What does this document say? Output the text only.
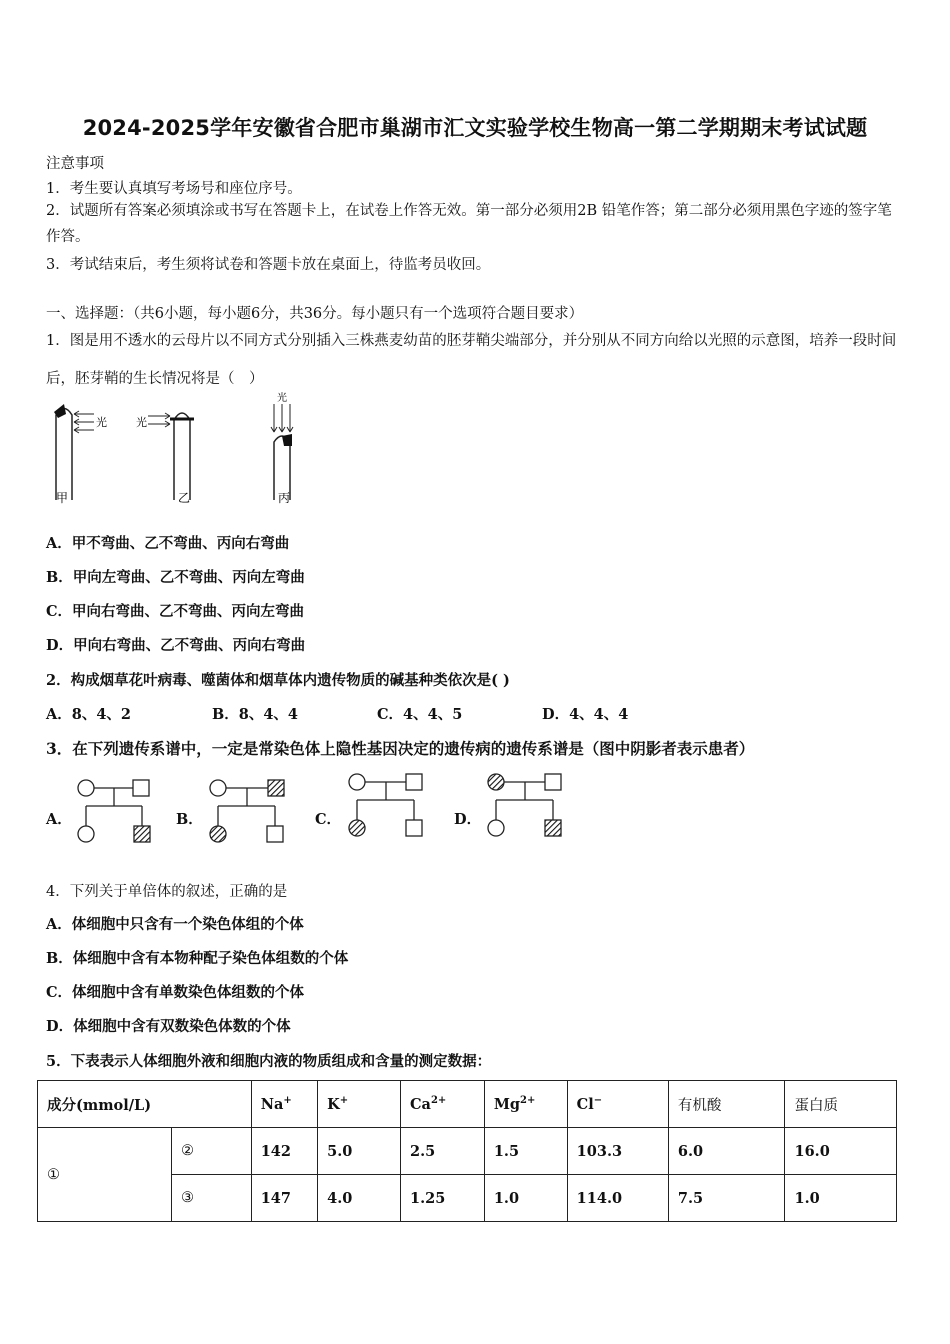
2024-2025学年安徽省合肥市巢湖市汇文实验学校生物高一第二学期期末考试试题
注意事项
1．考生要认真填写考场号和座位序号。
2．试题所有答案必须填涂或书写在答题卡上，在试卷上作答无效。第一部分必须用2B 铅笔作答；第二部分必须用黑色字迹的签字笔作答。
3．考试结束后，考生须将试卷和答题卡放在桌面上，待监考员收回。
一、选择题：（共6小题，每小题6分，共36分。每小题只有一个选项符合题目要求）
1．图是用不透水的云母片以不同方式分别插入三株燕麦幼苗的胚芽鞘尖端部分，并分别从不同方向给以光照的示意图，培养一段时间后，胚芽鞘的生长情况将是（　）
光
甲
光
乙
光
丙
A．甲不弯曲、乙不弯曲、丙向右弯曲
B．甲向左弯曲、乙不弯曲、丙向左弯曲
C．甲向右弯曲、乙不弯曲、丙向左弯曲
D．甲向右弯曲、乙不弯曲、丙向右弯曲
2．构成烟草花叶病毒、噬菌体和烟草体内遗传物质的碱基种类依次是( )
A．8、4、2	B．8、4、4	C．4、4、5	D．4、4、4
3．在下列遗传系谱中，一定是常染色体上隐性基因决定的遗传病的遗传系谱是（图中阴影者表示患者）
A．	B．	C．	D．
4．下列关于单倍体的叙述，正确的是
A．体细胞中只含有一个染色体组的个体
B．体细胞中含有本物种配子染色体组数的个体
C．体细胞中含有单数染色体组数的个体
D．体细胞中含有双数染色体数的个体
5．下表表示人体细胞外液和细胞内液的物质组成和含量的测定数据：
成分(mmol/L)		Na+	K+	$Ca^{2+}$	$Mg^{2+}$	Cl−	有机酸	蛋白质
①	②	142	5.0	2.5	1.5	103.3	6.0	16.0
	③	147	4.0	1.25	1.0	114.0	7.5	1.0
